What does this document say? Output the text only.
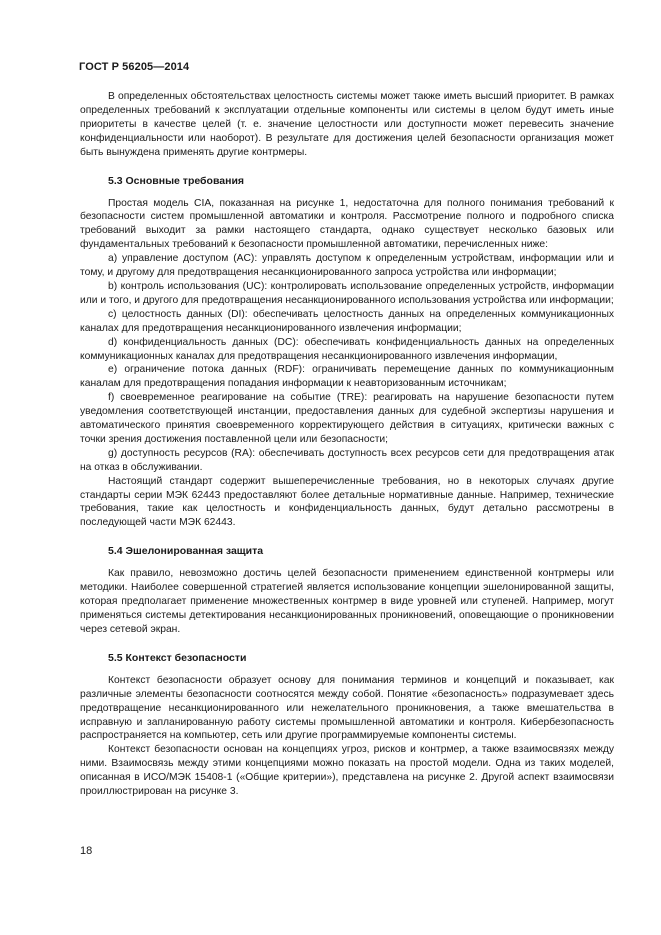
ГОСТ Р 56205—2014

В определенных обстоятельствах целостность системы может также иметь высший приоритет. В рамках определенных требований к эксплуатации отдельные компоненты или системы в целом будут иметь иные приоритеты в качестве целей (т. е. значение целостности или доступности может перевесить значение конфиденциальности или наоборот). В результате для достижения целей безопасности организация может быть вынуждена применять другие контрмеры.

5.3 Основные требования

Простая модель CIA, показанная на рисунке 1, недостаточна для полного понимания требований к безопасности систем промышленной автоматики и контроля. Рассмотрение полного и подробного списка требований выходит за рамки настоящего стандарта, однако существует несколько базовых или фундаментальных требований к безопасности промышленной автоматики, перечисленных ниже:

a) управление доступом (AC): управлять доступом к определенным устройствам, информации или и тому, и другому для предотвращения несанкционированного запроса устройства или информации;

b) контроль использования (UC): контролировать использование определенных устройств, информации или и того, и другого для предотвращения несанкционированного использования устройства или информации;

c) целостность данных (DI): обеспечивать целостность данных на определенных коммуникационных каналах для предотвращения несанкционированного извлечения информации;

d) конфиденциальность данных (DC): обеспечивать конфиденциальность данных на определенных коммуникационных каналах для предотвращения несанкционированного извлечения информации,

e) ограничение потока данных (RDF): ограничивать перемещение данных по коммуникационным каналам для предотвращения попадания информации к неавторизованным источникам;

f) своевременное реагирование на событие (TRE): реагировать на нарушение безопасности путем уведомления соответствующей инстанции, предоставления данных для судебной экспертизы нарушения и автоматического принятия своевременного корректирующего действия в ситуациях, критически важных с точки зрения достижения поставленной цели или безопасности;

g) доступность ресурсов (RA): обеспечивать доступность всех ресурсов сети для предотвращения атак на отказ в обслуживании.

Настоящий стандарт содержит вышеперечисленные требования, но в некоторых случаях другие стандарты серии МЭК 62443 предоставляют более детальные нормативные данные. Например, технические требования, такие как целостность и конфиденциальность данных, будут детально рассмотрены в последующей части МЭК 62443.

5.4 Эшелонированная защита

Как правило, невозможно достичь целей безопасности применением единственной контрмеры или методики. Наиболее совершенной стратегией является использование концепции эшелонированной защиты, которая предполагает применение множественных контрмер в виде уровней или ступеней. Например, могут применяться системы детектирования несанкционированных проникновений, оповещающие о проникновении через сетевой экран.

5.5 Контекст безопасности

Контекст безопасности образует основу для понимания терминов и концепций и показывает, как различные элементы безопасности соотносятся между собой. Понятие «безопасность» подразумевает здесь предотвращение несанкционированного или нежелательного проникновения, а также вмешательства в исправную и запланированную работу системы промышленной автоматики и контроля. Кибербезопасность распространяется на компьютер, сеть или другие программируемые компоненты системы.

Контекст безопасности основан на концепциях угроз, рисков и контрмер, а также взаимосвязях между ними. Взаимосвязь между этими концепциями можно показать на простой модели. Одна из таких моделей, описанная в ИСО/МЭК 15408-1 («Общие критерии»), представлена на рисунке 2. Другой аспект взаимосвязи проиллюстрирован на рисунке 3.

18
